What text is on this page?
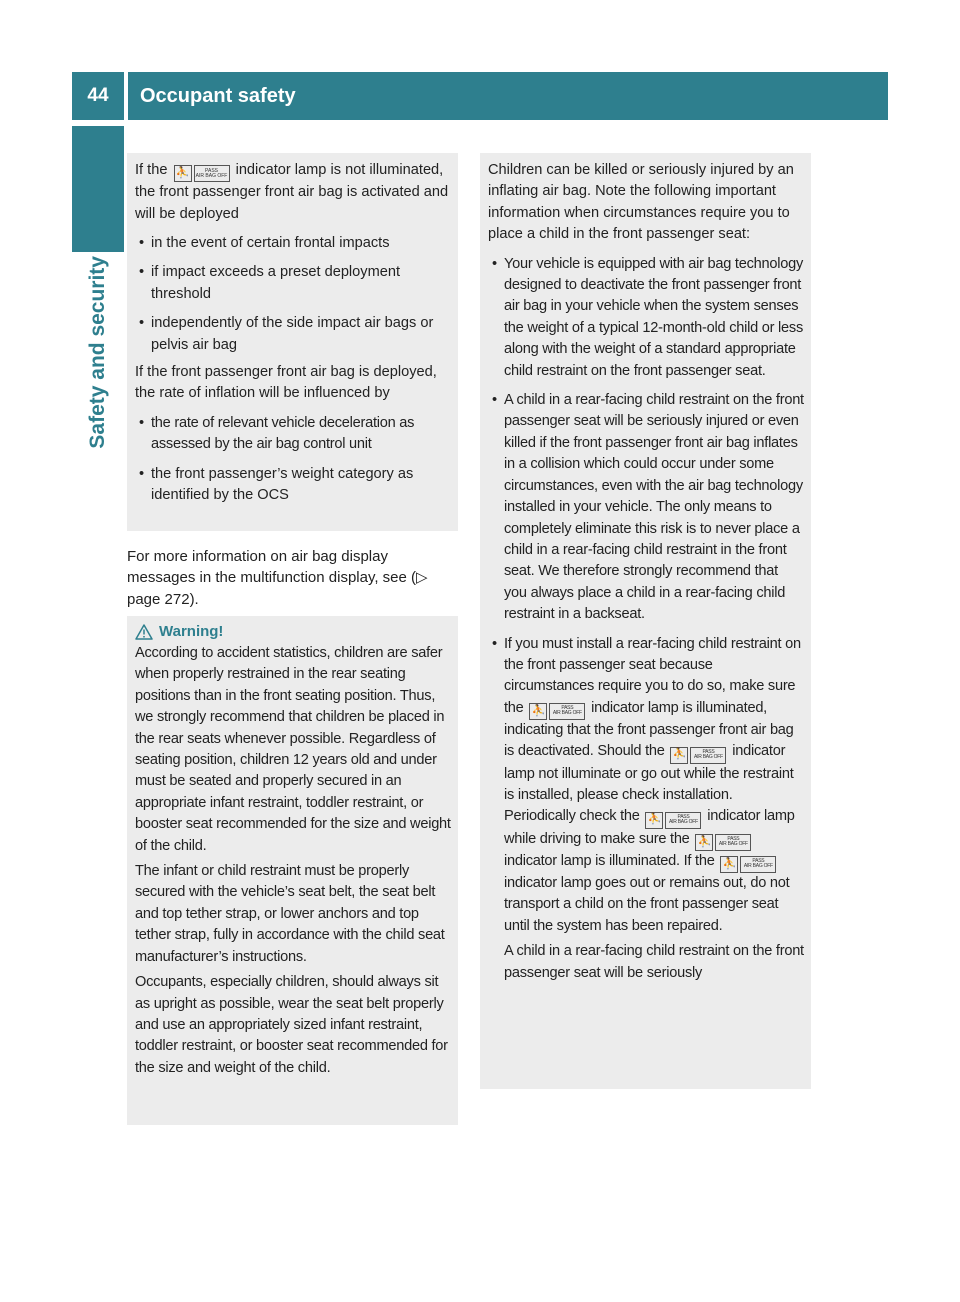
44	Occupant safety
Safety and security

If the ⛹	PASS
AIR BAG OFF indicator lamp is not illuminated, the front passenger front air bag is activated and will be deployed

• in the event of certain frontal impacts

• if impact exceeds a preset deployment threshold

• independently of the side impact air bags or pelvis air bag

If the front passenger front air bag is deployed, the rate of inflation will be influenced by

• the rate of relevant vehicle deceleration as assessed by the air bag control unit

• the front passenger’s weight category as identified by the OCS

For more information on air bag display messages in the multifunction display, see (▷ page 272).

Warning!

According to accident statistics, children are safer when properly restrained in the rear seating positions than in the front seating position. Thus, we strongly recommend that children be placed in the rear seats whenever possible. Regardless of seating position, children 12 years old and under must be seated and properly secured in an appropriate infant restraint, toddler restraint, or booster seat recommended for the size and weight of the child.

The infant or child restraint must be properly secured with the vehicle’s seat belt, the seat belt and top tether strap, or lower anchors and top tether strap, fully in accordance with the child seat manufacturer’s instructions.

Occupants, especially children, should always sit as upright as possible, wear the seat belt properly and use an appropriately sized infant restraint, toddler restraint, or booster seat recommended for the size and weight of the child.

Children can be killed or seriously injured by an inflating air bag. Note the following important information when circumstances require you to place a child in the front passenger seat:

• Your vehicle is equipped with air bag technology designed to deactivate the front passenger front air bag in your vehicle when the system senses the weight of a typical 12-month-old child or less along with the weight of a standard appropriate child restraint on the front passenger seat.

• A child in a rear-facing child restraint on the front passenger seat will be seriously injured or even killed if the front passenger front air bag inflates in a collision which could occur under some circumstances, even with the air bag technology installed in your vehicle. The only means to completely eliminate this risk is to never place a child in a rear-facing child restraint in the front seat. We therefore strongly recommend that you always place a child in a rear-facing child restraint in a backseat.

• If you must install a rear-facing child restraint on the front passenger seat because circumstances require you to do so, make sure the ⛹	PASS
AIR BAG OFF indicator lamp is illuminated, indicating that the front passenger front air bag is deactivated. Should the ⛹	PASS
AIR BAG OFF indicator lamp not illuminate or go out while the restraint is installed, please check installation. Periodically check the ⛹	PASS
AIR BAG OFF indicator lamp while driving to make sure the ⛹	PASS
AIR BAG OFF
indicator lamp is illuminated. If the ⛹	PASS
AIR BAG OFF
indicator lamp goes out or remains out, do not transport a child on the front passenger seat until the system has been repaired.

A child in a rear-facing child restraint on the front passenger seat will be seriously
